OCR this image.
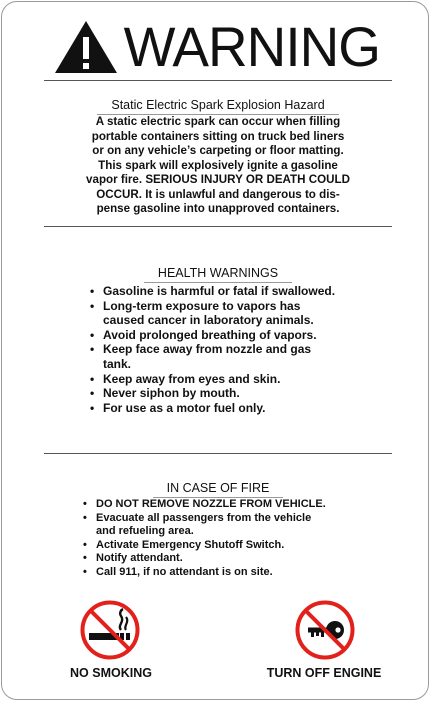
WARNING
Static Electric Spark Explosion Hazard
A static electric spark can occur when filling
portable containers sitting on truck bed liners
or on any vehicle’s carpeting or floor matting.
This spark will explosively ignite a gasoline
vapor fire. SERIOUS INJURY OR DEATH COULD
OCCUR. It is unlawful and dangerous to dis-
pense gasoline into unapproved containers.
HEALTH WARNINGS
• Gasoline is harmful or fatal if swallowed.
• Long-term exposure to vapors has
caused cancer in laboratory animals.
• Avoid prolonged breathing of vapors.
• Keep face away from nozzle and gas
tank.
• Keep away from eyes and skin.
• Never siphon by mouth.
• For use as a motor fuel only.
IN CASE OF FIRE
• DO NOT REMOVE NOZZLE FROM VEHICLE.
• Evacuate all passengers from the vehicle
and refueling area.
• Activate Emergency Shutoff Switch.
• Notify attendant.
• Call 911, if no attendant is on site.
NO SMOKING	TURN OFF ENGINE
